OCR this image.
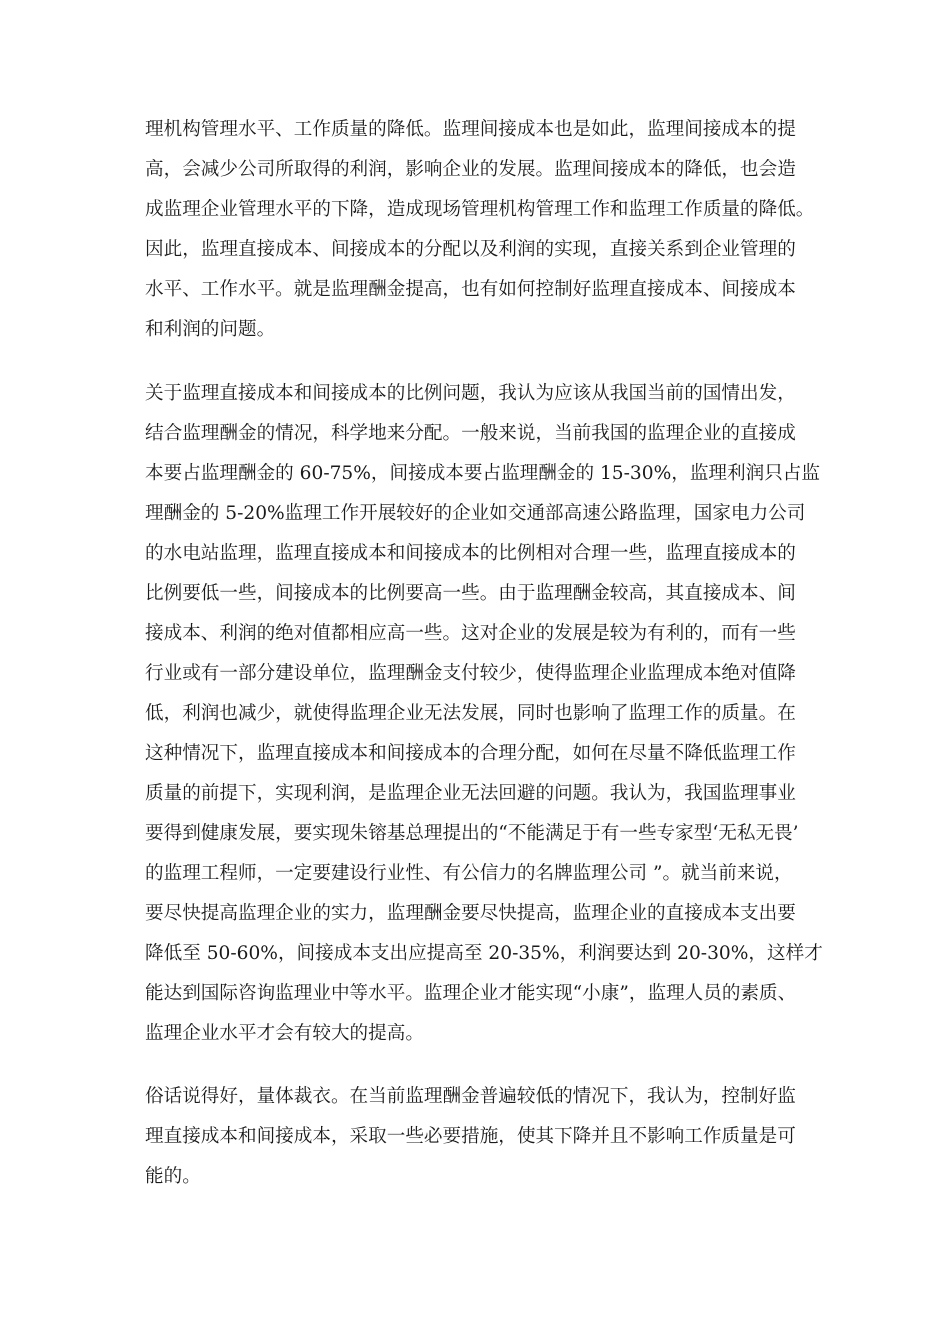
理机构管理水平、工作质量的降低。监理间接成本也是如此，监理间接成本的提

高，会减少公司所取得的利润，影响企业的发展。监理间接成本的降低，也会造

成监理企业管理水平的下降，造成现场管理机构管理工作和监理工作质量的降低。

因此，监理直接成本、间接成本的分配以及利润的实现，直接关系到企业管理的

水平、工作水平。就是监理酬金提高，也有如何控制好监理直接成本、间接成本

和利润的问题。

关于监理直接成本和间接成本的比例问题，我认为应该从我国当前的国情出发，

结合监理酬金的情况，科学地来分配。一般来说，当前我国的监理企业的直接成

本要占监理酬金的 60-75%，间接成本要占监理酬金的 15-30%，监理利润只占监

理酬金的 5-20%监理工作开展较好的企业如交通部高速公路监理，国家电力公司

的水电站监理，监理直接成本和间接成本的比例相对合理一些，监理直接成本的

比例要低一些，间接成本的比例要高一些。由于监理酬金较高，其直接成本、间

接成本、利润的绝对值都相应高一些。这对企业的发展是较为有利的，而有一些

行业或有一部分建设单位，监理酬金支付较少，使得监理企业监理成本绝对值降

低，利润也减少，就使得监理企业无法发展，同时也影响了监理工作的质量。在

这种情况下，监理直接成本和间接成本的合理分配，如何在尽量不降低监理工作

质量的前提下，实现利润，是监理企业无法回避的问题。我认为，我国监理事业

要得到健康发展，要实现朱镕基总理提出的“不能满足于有一些专家型‘无私无畏’

的监理工程师，一定要建设行业性、有公信力的名牌监理公司 ”。就当前来说，

要尽快提高监理企业的实力，监理酬金要尽快提高，监理企业的直接成本支出要

降低至 50-60%，间接成本支出应提高至 20-35%，利润要达到 20-30%，这样才

能达到国际咨询监理业中等水平。监理企业才能实现“小康”，监理人员的素质、

监理企业水平才会有较大的提高。

俗话说得好，量体裁衣。在当前监理酬金普遍较低的情况下，我认为，控制好监

理直接成本和间接成本，采取一些必要措施，使其下降并且不影响工作质量是可

能的。
